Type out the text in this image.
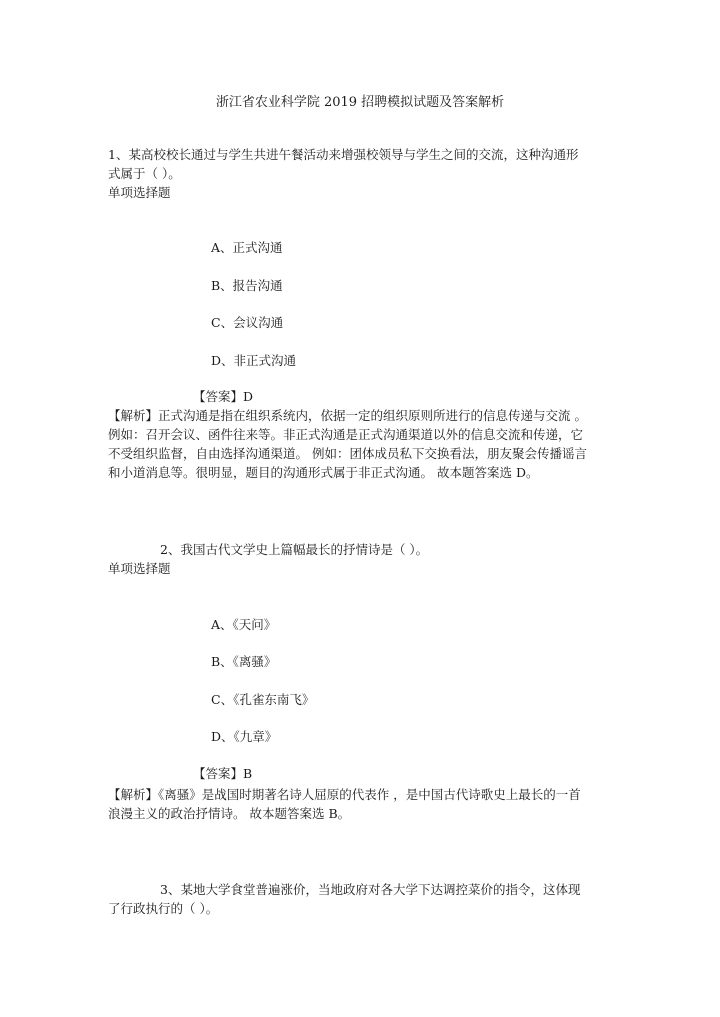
浙江省农业科学院 2019 招聘模拟试题及答案解析
1、某高校校长通过与学生共进午餐活动来增强校领导与学生之间的交流，这种沟通形
式属于（ ）。
单项选择题
A、正式沟通
B、报告沟通
C、会议沟通
D、非正式沟通
【答案】D

【解析】正式沟通是指在组织系统内，依据一定的组织原则所进行的信息传递与交流 。

例如：召开会议、函件往来等。非正式沟通是正式沟通渠道以外的信息交流和传递，它

不受组织监督，自由选择沟通渠道。 例如：团体成员私下交换看法，朋友聚会传播谣言

和小道消息等。很明显，题目的沟通形式属于非正式沟通。 故本题答案选 D。

2、我国古代文学史上篇幅最长的抒情诗是（ ）。
单项选择题
A、《天问》
B、《离骚》
C、《孔雀东南飞》
D、《九章》
【答案】B

【解析】《离骚》是战国时期著名诗人屈原的代表作 ，是中国古代诗歌史上最长的一首

浪漫主义的政治抒情诗。 故本题答案选 B。

3、某地大学食堂普遍涨价，当地政府对各大学下达调控菜价的指令，这体现
了行政执行的（ ）。
